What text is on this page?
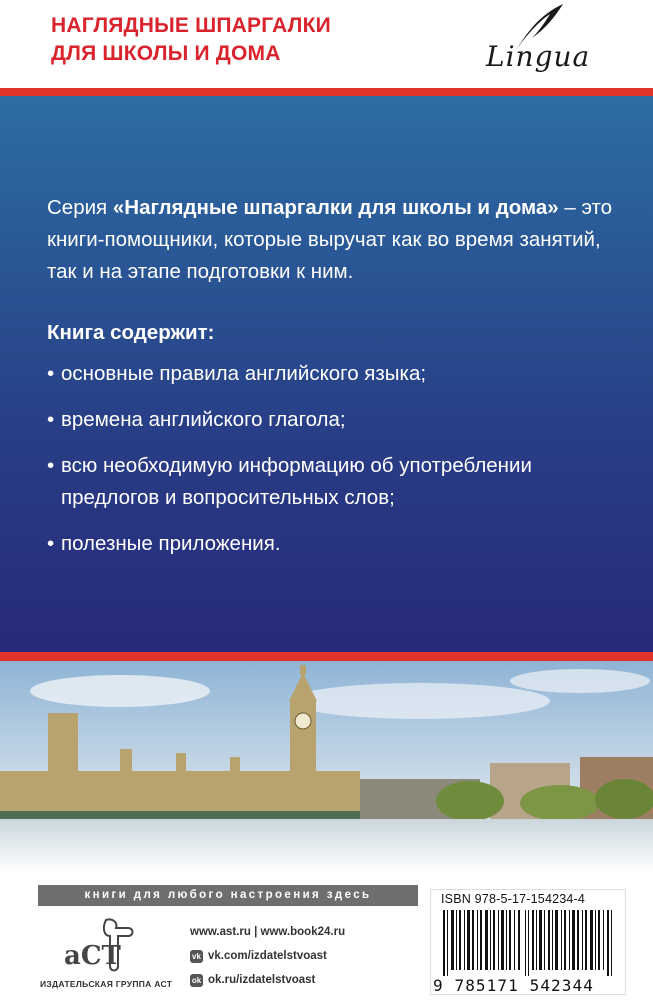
НАГЛЯДНЫЕ ШПАРГАЛКИ
ДЛЯ ШКОЛЫ И ДОМА	Lingua

Серия «Наглядные шпаргалки для школы и дома» – это книги-помощники, которые выручат как во время занятий, так и на этапе подготовки к ним.

Книга содержит:
• основные правила английского языка;
• времена английского глагола;
• всю необходимую информацию об употреблении предлогов и вопросительных слов;
• полезные приложения.
книги для любого настроения здесь
aCT
ИЗДАТЕЛЬСКАЯ ГРУППА АСТ
www.ast.ru | www.book24.ru
vk vk.com/izdatelstvoast
ok ok.ru/izdatelstvoast
ISBN 978-5-17-154234-4
9 785171 542344
